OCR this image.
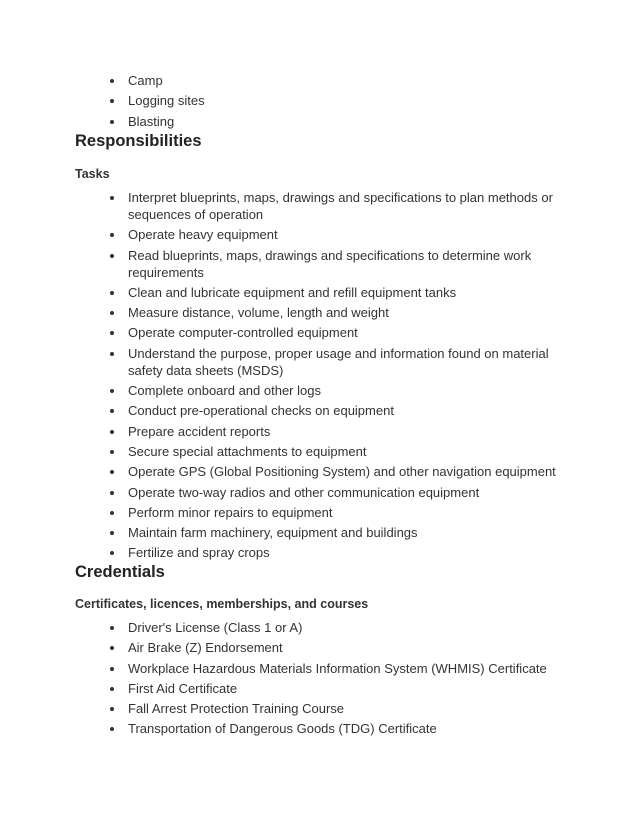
Camp
Logging sites
Blasting
Responsibilities
Tasks
Interpret blueprints, maps, drawings and specifications to plan methods or sequences of operation
Operate heavy equipment
Read blueprints, maps, drawings and specifications to determine work requirements
Clean and lubricate equipment and refill equipment tanks
Measure distance, volume, length and weight
Operate computer-controlled equipment
Understand the purpose, proper usage and information found on material safety data sheets (MSDS)
Complete onboard and other logs
Conduct pre-operational checks on equipment
Prepare accident reports
Secure special attachments to equipment
Operate GPS (Global Positioning System) and other navigation equipment
Operate two-way radios and other communication equipment
Perform minor repairs to equipment
Maintain farm machinery, equipment and buildings
Fertilize and spray crops
Credentials
Certificates, licences, memberships, and courses
Driver's License (Class 1 or A)
Air Brake (Z) Endorsement
Workplace Hazardous Materials Information System (WHMIS) Certificate
First Aid Certificate
Fall Arrest Protection Training Course
Transportation of Dangerous Goods (TDG) Certificate
